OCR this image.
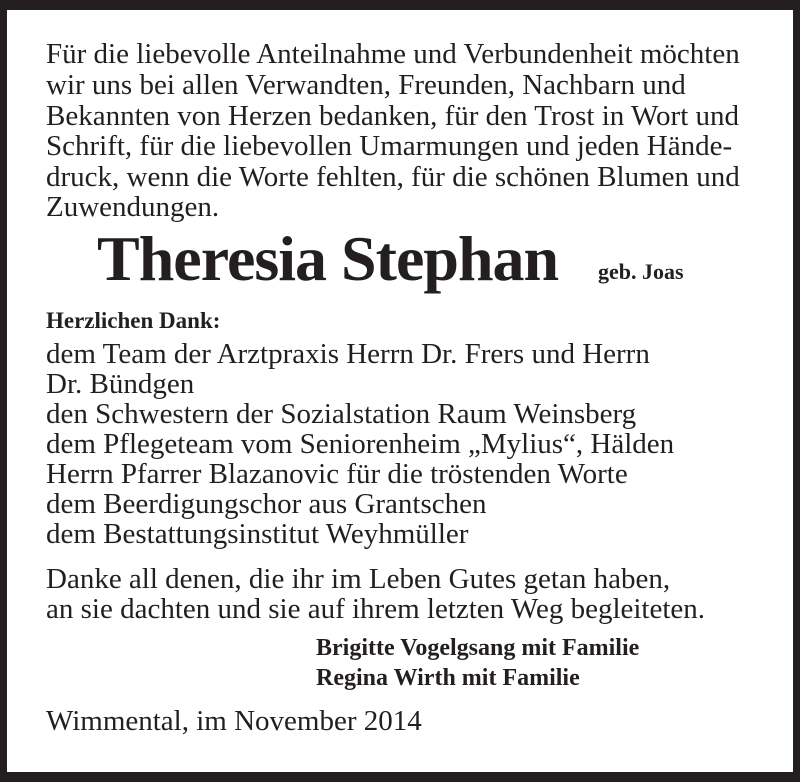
Für die liebevolle Anteilnahme und Verbundenheit möchten
wir uns bei allen Verwandten, Freunden, Nachbarn und
Bekannten von Herzen bedanken, für den Trost in Wort und
Schrift, für die liebevollen Umarmungen und jeden Hände-
druck, wenn die Worte fehlten, für die schönen Blumen und
Zuwendungen.
Theresia Stephan geb. Joas
Herzlichen Dank:
dem Team der Arztpraxis Herrn Dr. Frers und Herrn
Dr. Bündgen
den Schwestern der Sozialstation Raum Weinsberg
dem Pflegeteam vom Seniorenheim „Mylius“, Hälden
Herrn Pfarrer Blazanovic für die tröstenden Worte
dem Beerdigungschor aus Grantschen
dem Bestattungsinstitut Weyhmüller
Danke all denen, die ihr im Leben Gutes getan haben,
an sie dachten und sie auf ihrem letzten Weg begleiteten.
Brigitte Vogelgsang mit Familie
Regina Wirth mit Familie
Wimmental, im November 2014
